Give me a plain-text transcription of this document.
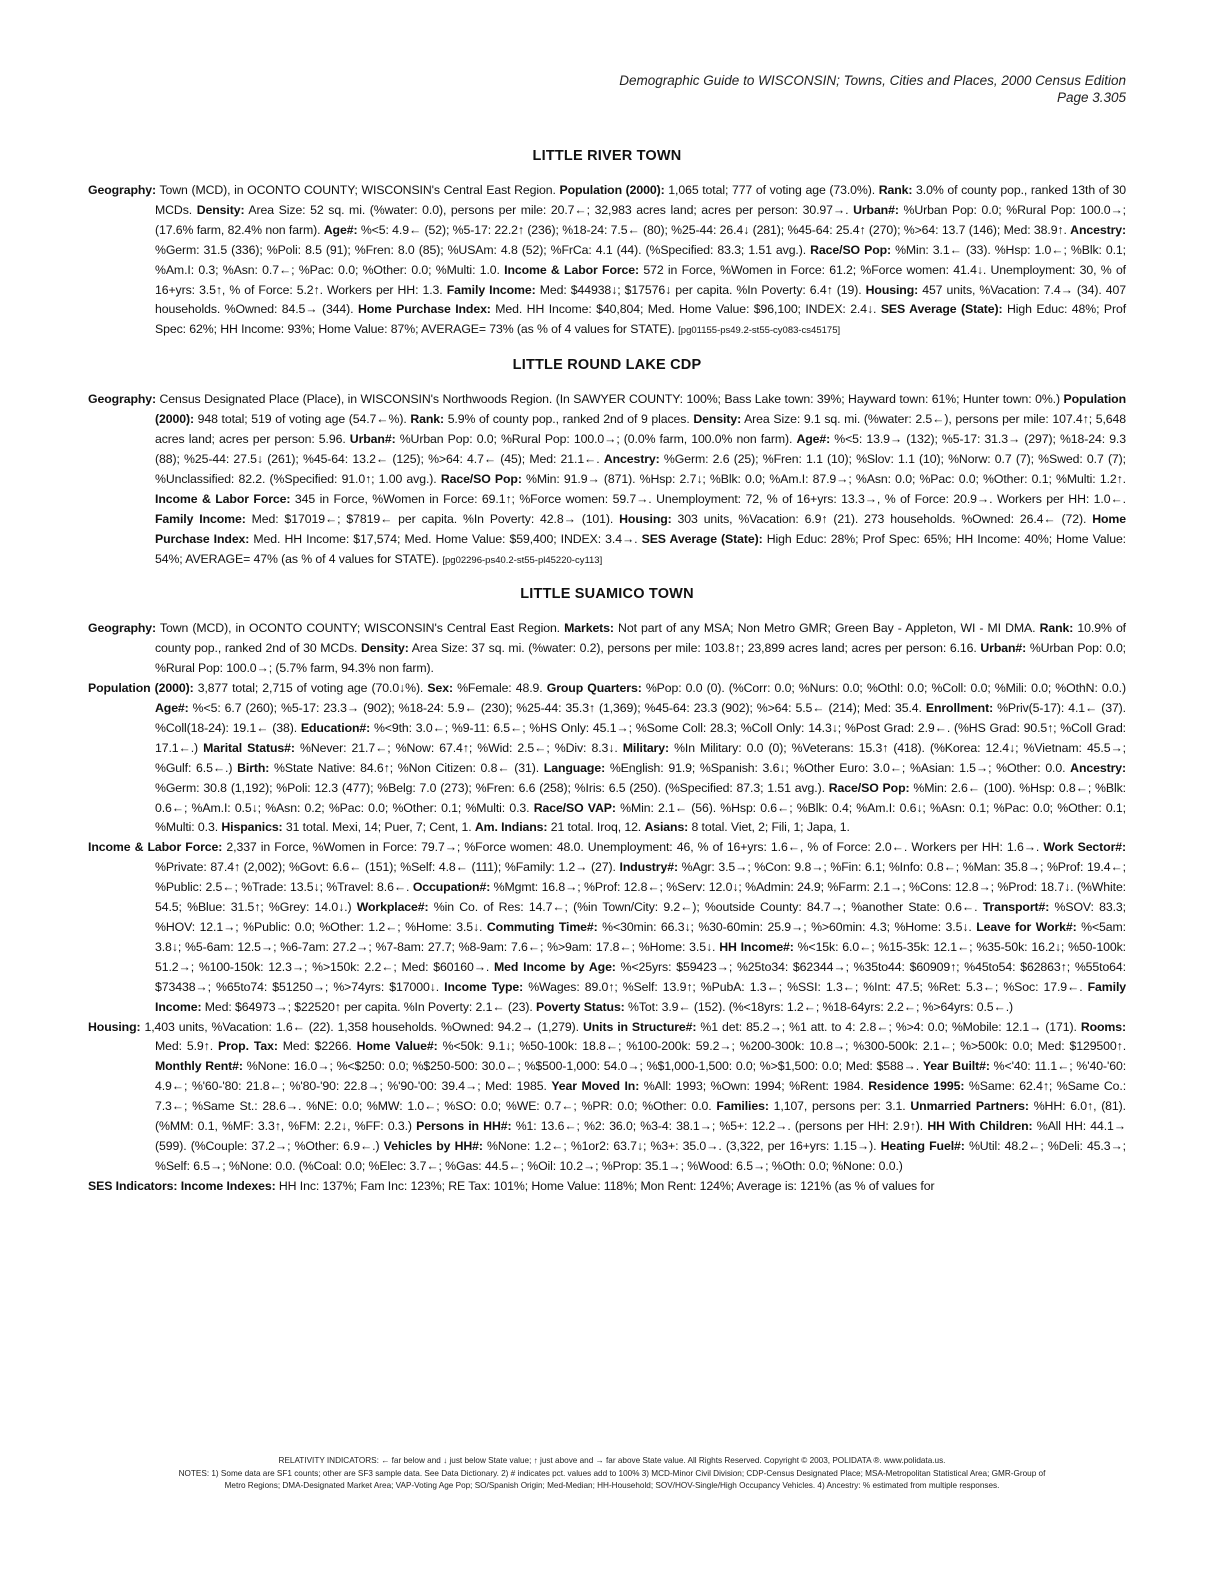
Demographic Guide to WISCONSIN; Towns, Cities and Places, 2000 Census Edition
Page 3.305
LITTLE RIVER TOWN

Geography: Town (MCD), in OCONTO COUNTY; WISCONSIN's Central East Region. Population (2000): 1,065 total; 777 of voting age (73.0%). Rank: 3.0% of county pop., ranked 13th of 30 MCDs. Density: Area Size: 52 sq. mi. (%water: 0.0), persons per mile: 20.7←; 32,983 acres land; acres per person: 30.97→. Urban#: %Urban Pop: 0.0; %Rural Pop: 100.0→; (17.6% farm, 82.4% non farm). Age#: %<5: 4.9← (52); %5-17: 22.2↑ (236); %18-24: 7.5← (80); %25-44: 26.4↓ (281); %45-64: 25.4↑ (270); %>64: 13.7 (146); Med: 38.9↑. Ancestry: %Germ: 31.5 (336); %Poli: 8.5 (91); %Fren: 8.0 (85); %USAm: 4.8 (52); %FrCa: 4.1 (44). (%Specified: 83.3; 1.51 avg.). Race/SO Pop: %Min: 3.1← (33). %Hsp: 1.0←; %Blk: 0.1; %Am.I: 0.3; %Asn: 0.7←; %Pac: 0.0; %Other: 0.0; %Multi: 1.0. Income & Labor Force: 572 in Force, %Women in Force: 61.2; %Force women: 41.4↓. Unemployment: 30, % of 16+yrs: 3.5↑, % of Force: 5.2↑. Workers per HH: 1.3. Family Income: Med: $44938↓; $17576↓ per capita. %In Poverty: 6.4↑ (19). Housing: 457 units, %Vacation: 7.4→ (34). 407 households. %Owned: 84.5→ (344). Home Purchase Index: Med. HH Income: $40,804; Med. Home Value: $96,100; INDEX: 2.4↓. SES Average (State): High Educ: 48%; Prof Spec: 62%; HH Income: 93%; Home Value: 87%; AVERAGE= 73% (as % of 4 values for STATE). [pg01155-ps49.2-st55-cy083-cs45175]

LITTLE ROUND LAKE CDP

Geography: Census Designated Place (Place), in WISCONSIN's Northwoods Region. (In SAWYER COUNTY: 100%; Bass Lake town: 39%; Hayward town: 61%; Hunter town: 0%.) Population (2000): 948 total; 519 of voting age (54.7←%). Rank: 5.9% of county pop., ranked 2nd of 9 places. Density: Area Size: 9.1 sq. mi. (%water: 2.5←), persons per mile: 107.4↑; 5,648 acres land; acres per person: 5.96. Urban#: %Urban Pop: 0.0; %Rural Pop: 100.0→; (0.0% farm, 100.0% non farm). Age#: %<5: 13.9→ (132); %5-17: 31.3→ (297); %18-24: 9.3 (88); %25-44: 27.5↓ (261); %45-64: 13.2← (125); %>64: 4.7← (45); Med: 21.1←. Ancestry: %Germ: 2.6 (25); %Fren: 1.1 (10); %Slov: 1.1 (10); %Norw: 0.7 (7); %Swed: 0.7 (7); %Unclassified: 82.2. (%Specified: 91.0↑; 1.00 avg.). Race/SO Pop: %Min: 91.9→ (871). %Hsp: 2.7↓; %Blk: 0.0; %Am.I: 87.9→; %Asn: 0.0; %Pac: 0.0; %Other: 0.1; %Multi: 1.2↑. Income & Labor Force: 345 in Force, %Women in Force: 69.1↑; %Force women: 59.7→. Unemployment: 72, % of 16+yrs: 13.3→, % of Force: 20.9→. Workers per HH: 1.0←. Family Income: Med: $17019←; $7819← per capita. %In Poverty: 42.8→ (101). Housing: 303 units, %Vacation: 6.9↑ (21). 273 households. %Owned: 26.4← (72). Home Purchase Index: Med. HH Income: $17,574; Med. Home Value: $59,400; INDEX: 3.4→. SES Average (State): High Educ: 28%; Prof Spec: 65%; HH Income: 40%; Home Value: 54%; AVERAGE= 47% (as % of 4 values for STATE). [pg02296-ps40.2-st55-pl45220-cy113]

LITTLE SUAMICO TOWN

Geography: Town (MCD), in OCONTO COUNTY; WISCONSIN's Central East Region. Markets: Not part of any MSA; Non Metro GMR; Green Bay - Appleton, WI - MI DMA. Rank: 10.9% of county pop., ranked 2nd of 30 MCDs. Density: Area Size: 37 sq. mi. (%water: 0.2), persons per mile: 103.8↑; 23,899 acres land; acres per person: 6.16. Urban#: %Urban Pop: 0.0; %Rural Pop: 100.0→; (5.7% farm, 94.3% non farm).

Population (2000): 3,877 total; 2,715 of voting age (70.0↓%). Sex: %Female: 48.9. Group Quarters: %Pop: 0.0 (0). (%Corr: 0.0; %Nurs: 0.0; %Othl: 0.0; %Coll: 0.0; %Mili: 0.0; %OthN: 0.0.) Age#: %<5: 6.7 (260); %5-17: 23.3→ (902); %18-24: 5.9← (230); %25-44: 35.3↑ (1,369); %45-64: 23.3 (902); %>64: 5.5← (214); Med: 35.4. Enrollment: %Priv(5-17): 4.1← (37). %Coll(18-24): 19.1← (38). Education#: %<9th: 3.0←; %9-11: 6.5←; %HS Only: 45.1→; %Some Coll: 28.3; %Coll Only: 14.3↓; %Post Grad: 2.9←. (%HS Grad: 90.5↑; %Coll Grad: 17.1←.) Marital Status#: %Never: 21.7←; %Now: 67.4↑; %Wid: 2.5←; %Div: 8.3↓. Military: %In Military: 0.0 (0); %Veterans: 15.3↑ (418). (%Korea: 12.4↓; %Vietnam: 45.5→; %Gulf: 6.5←.) Birth: %State Native: 84.6↑; %Non Citizen: 0.8← (31). Language: %English: 91.9; %Spanish: 3.6↓; %Other Euro: 3.0←; %Asian: 1.5→; %Other: 0.0. Ancestry: %Germ: 30.8 (1,192); %Poli: 12.3 (477); %Belg: 7.0 (273); %Fren: 6.6 (258); %Iris: 6.5 (250). (%Specified: 87.3; 1.51 avg.). Race/SO Pop: %Min: 2.6← (100). %Hsp: 0.8←; %Blk: 0.6←; %Am.I: 0.5↓; %Asn: 0.2; %Pac: 0.0; %Other: 0.1; %Multi: 0.3. Race/SO VAP: %Min: 2.1← (56). %Hsp: 0.6←; %Blk: 0.4; %Am.I: 0.6↓; %Asn: 0.1; %Pac: 0.0; %Other: 0.1; %Multi: 0.3. Hispanics: 31 total. Mexi, 14; Puer, 7; Cent, 1. Am. Indians: 21 total. Iroq, 12. Asians: 8 total. Viet, 2; Fili, 1; Japa, 1.

Income & Labor Force: 2,337 in Force, %Women in Force: 79.7→; %Force women: 48.0. Unemployment: 46, % of 16+yrs: 1.6←, % of Force: 2.0←. Workers per HH: 1.6→. Work Sector#: %Private: 87.4↑ (2,002); %Govt: 6.6← (151); %Self: 4.8← (111); %Family: 1.2→ (27). Industry#: %Agr: 3.5→; %Con: 9.8→; %Fin: 6.1; %Info: 0.8←; %Man: 35.8→; %Prof: 19.4←; %Public: 2.5←; %Trade: 13.5↓; %Travel: 8.6←. Occupation#: %Mgmt: 16.8→; %Prof: 12.8←; %Serv: 12.0↓; %Admin: 24.9; %Farm: 2.1→; %Cons: 12.8→; %Prod: 18.7↓. (%White: 54.5; %Blue: 31.5↑; %Grey: 14.0↓.) Workplace#: %in Co. of Res: 14.7←; (%in Town/City: 9.2←); %outside County: 84.7→; %another State: 0.6←. Transport#: %SOV: 83.3; %HOV: 12.1→; %Public: 0.0; %Other: 1.2←; %Home: 3.5↓. Commuting Time#: %<30min: 66.3↓; %30-60min: 25.9→; %>60min: 4.3; %Home: 3.5↓. Leave for Work#: %<5am: 3.8↓; %5-6am: 12.5→; %6-7am: 27.2→; %7-8am: 27.7; %8-9am: 7.6←; %>9am: 17.8←; %Home: 3.5↓. HH Income#: %<15k: 6.0←; %15-35k: 12.1←; %35-50k: 16.2↓; %50-100k: 51.2→; %100-150k: 12.3→; %>150k: 2.2←; Med: $60160→. Med Income by Age: %<25yrs: $59423→; %25to34: $62344→; %35to44: $60909↑; %45to54: $62863↑; %55to64: $73438→; %65to74: $51250→; %>74yrs: $17000↓. Income Type: %Wages: 89.0↑; %Self: 13.9↑; %PubA: 1.3←; %SSI: 1.3←; %Int: 47.5; %Ret: 5.3←; %Soc: 17.9←. Family Income: Med: $64973→; $22520↑ per capita. %In Poverty: 2.1← (23). Poverty Status: %Tot: 3.9← (152). (%<18yrs: 1.2←; %18-64yrs: 2.2←; %>64yrs: 0.5←.)

Housing: 1,403 units, %Vacation: 1.6← (22). 1,358 households. %Owned: 94.2→ (1,279). Units in Structure#: %1 det: 85.2→; %1 att. to 4: 2.8←; %>4: 0.0; %Mobile: 12.1→ (171). Rooms: Med: 5.9↑. Prop. Tax: Med: $2266. Home Value#: %<50k: 9.1↓; %50-100k: 18.8←; %100-200k: 59.2→; %200-300k: 10.8→; %300-500k: 2.1←; %>500k: 0.0; Med: $129500↑. Monthly Rent#: %None: 16.0→; %<$250: 0.0; %$250-500: 30.0←; %$500-1,000: 54.0→; %$1,000-1,500: 0.0; %>$1,500: 0.0; Med: $588→. Year Built#: %<'40: 11.1←; %'40-'60: 4.9←; %'60-'80: 21.8←; %'80-'90: 22.8→; %'90-'00: 39.4→; Med: 1985. Year Moved In: %All: 1993; %Own: 1994; %Rent: 1984. Residence 1995: %Same: 62.4↑; %Same Co.: 7.3←; %Same St.: 28.6→. %NE: 0.0; %MW: 1.0←; %SO: 0.0; %WE: 0.7←; %PR: 0.0; %Other: 0.0. Families: 1,107, persons per: 3.1. Unmarried Partners: %HH: 6.0↑, (81). (%MM: 0.1, %MF: 3.3↑, %FM: 2.2↓, %FF: 0.3.) Persons in HH#: %1: 13.6←; %2: 36.0; %3-4: 38.1→; %5+: 12.2→. (persons per HH: 2.9↑). HH With Children: %All HH: 44.1→ (599). (%Couple: 37.2→; %Other: 6.9←.) Vehicles by HH#: %None: 1.2←; %1or2: 63.7↓; %3+: 35.0→. (3,322, per 16+yrs: 1.15→). Heating Fuel#: %Util: 48.2←; %Deli: 45.3→; %Self: 6.5→; %None: 0.0. (%Coal: 0.0; %Elec: 3.7←; %Gas: 44.5←; %Oil: 10.2→; %Prop: 35.1→; %Wood: 6.5→; %Oth: 0.0; %None: 0.0.)

SES Indicators: Income Indexes: HH Inc: 137%; Fam Inc: 123%; RE Tax: 101%; Home Value: 118%; Mon Rent: 124%; Average is: 121% (as % of values for

RELATIVITY INDICATORS: ← far below and ↓ just below State value; ↑ just above and → far above State value. All Rights Reserved. Copyright © 2003, POLIDATA ®. www.polidata.us.
NOTES: 1) Some data are SF1 counts; other are SF3 sample data. See Data Dictionary. 2) # indicates pct. values add to 100% 3) MCD-Minor Civil Division; CDP-Census Designated Place; MSA-Metropolitan Statistical Area; GMR-Group of
Metro Regions; DMA-Designated Market Area; VAP-Voting Age Pop; SO/Spanish Origin; Med-Median; HH-Household; SOV/HOV-Single/High Occupancy Vehicles. 4) Ancestry: % estimated from multiple responses.
